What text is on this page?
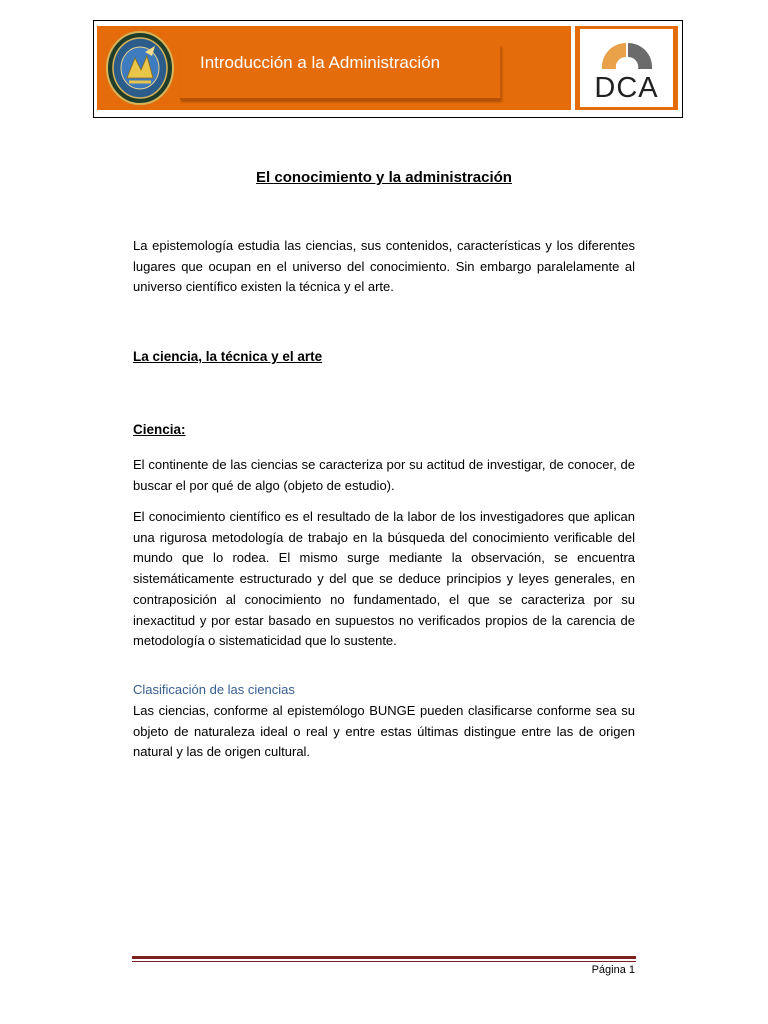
Introducción a la Administración
DCA
El conocimiento y la administración
La epistemología estudia las ciencias, sus contenidos, características y los diferentes lugares que ocupan en el universo del conocimiento. Sin embargo paralelamente al universo científico existen la técnica y el arte.
La ciencia, la técnica y el arte
Ciencia:
El continente de las ciencias se caracteriza por su actitud de investigar, de conocer, de buscar el por qué de algo (objeto de estudio).
El conocimiento científico es el resultado de la labor de los investigadores que aplican una rigurosa metodología de trabajo en la búsqueda del conocimiento verificable del mundo que lo rodea. El mismo surge mediante la observación, se encuentra sistemáticamente estructurado y del que se deduce principios y leyes generales, en contraposición al conocimiento no fundamentado, el que se caracteriza por su inexactitud y por estar basado en supuestos no verificados propios de la carencia de metodología o sistematicidad que lo sustente.
Clasificación de las ciencias
Las ciencias, conforme al epistemólogo BUNGE pueden clasificarse conforme sea su objeto de naturaleza ideal o real y entre estas últimas distingue entre las de origen natural y las de origen cultural.
Página 1
